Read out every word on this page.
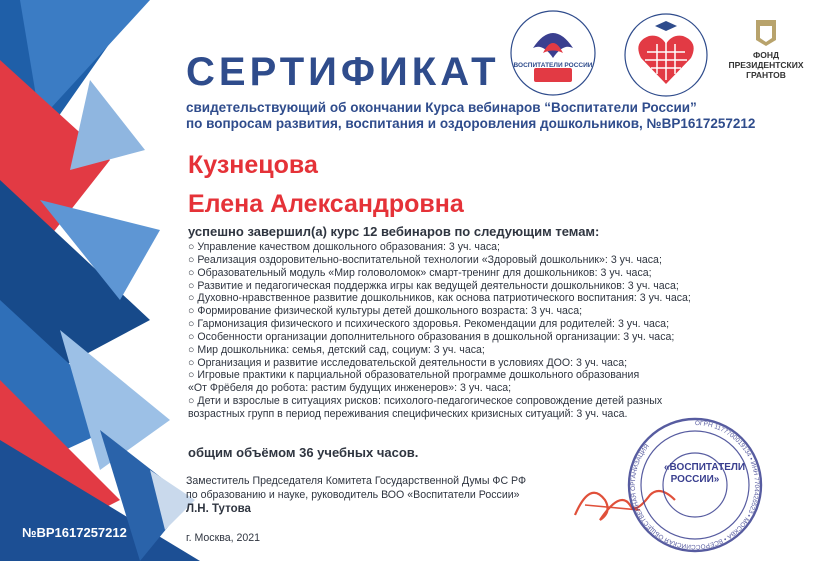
ВОСПИТАТЕЛИ РОССИИ
ФОНД ПРЕЗИДЕНТСКИХ ГРАНТОВ
СЕРТИФИКАТ
свидетельствующий об окончании Курса вебинаров “Воспитатели России”
по вопросам развития, воспитания и оздоровления дошкольников, №ВР1617257212
Кузнецова
Елена Александровна
успешно завершил(а) курс 12 вебинаров по следующим темам:
○ Управление качеством дошкольного образования: 3 уч. часа;
○ Реализация оздоровительно-воспитательной технологии «Здоровый дошкольник»: 3 уч. часа;
○ Образовательный модуль «Мир головоломок» смарт-тренинг для дошкольников: 3 уч. часа;
○ Развитие и педагогическая поддержка игры как ведущей деятельности дошкольников: 3 уч. часа;
○ Духовно-нравственное развитие дошкольников, как основа патриотического воспитания: 3 уч. часа;
○ Формирование физической культуры детей дошкольного возраста: 3 уч. часа;
○ Гармонизация физического и психического здоровья. Рекомендации для родителей: 3 уч. часа;
○ Особенности организации дополнительного образования в дошкольной организации: 3 уч. часа;
○ Мир дошкольника: семья, детский сад, социум: 3 уч. часа;
○ Организация и развитие исследовательской деятельности в условиях ДОО: 3 уч. часа;
○ Игровые практики к парциальной образовательной программе дошкольного образования
«От Фрёбеля до робота: растим будущих инженеров»: 3 уч. часа;
○ Дети и взрослые в ситуациях рисков: психолого-педагогическое сопровождение детей разных
возрастных групп в период переживания специфических кризисных ситуаций: 3 уч. часа.
общим объёмом 36 учебных часов.
Заместитель Председателя Комитета Государственной Думы ФС РФ
по образованию и науке, руководитель ВОО «Воспитатели России»
Л.Н. Тутова
г. Москва, 2021
№ВР1617257212
ОГРН 1177700019134 • ИНН 7704426523 • МОСКВА • ВСЕРОССИЙСКАЯ ОБЩЕСТВЕННАЯ ОРГАНИЗАЦИЯ
«ВОСПИТАТЕЛИ
РОССИИ»
